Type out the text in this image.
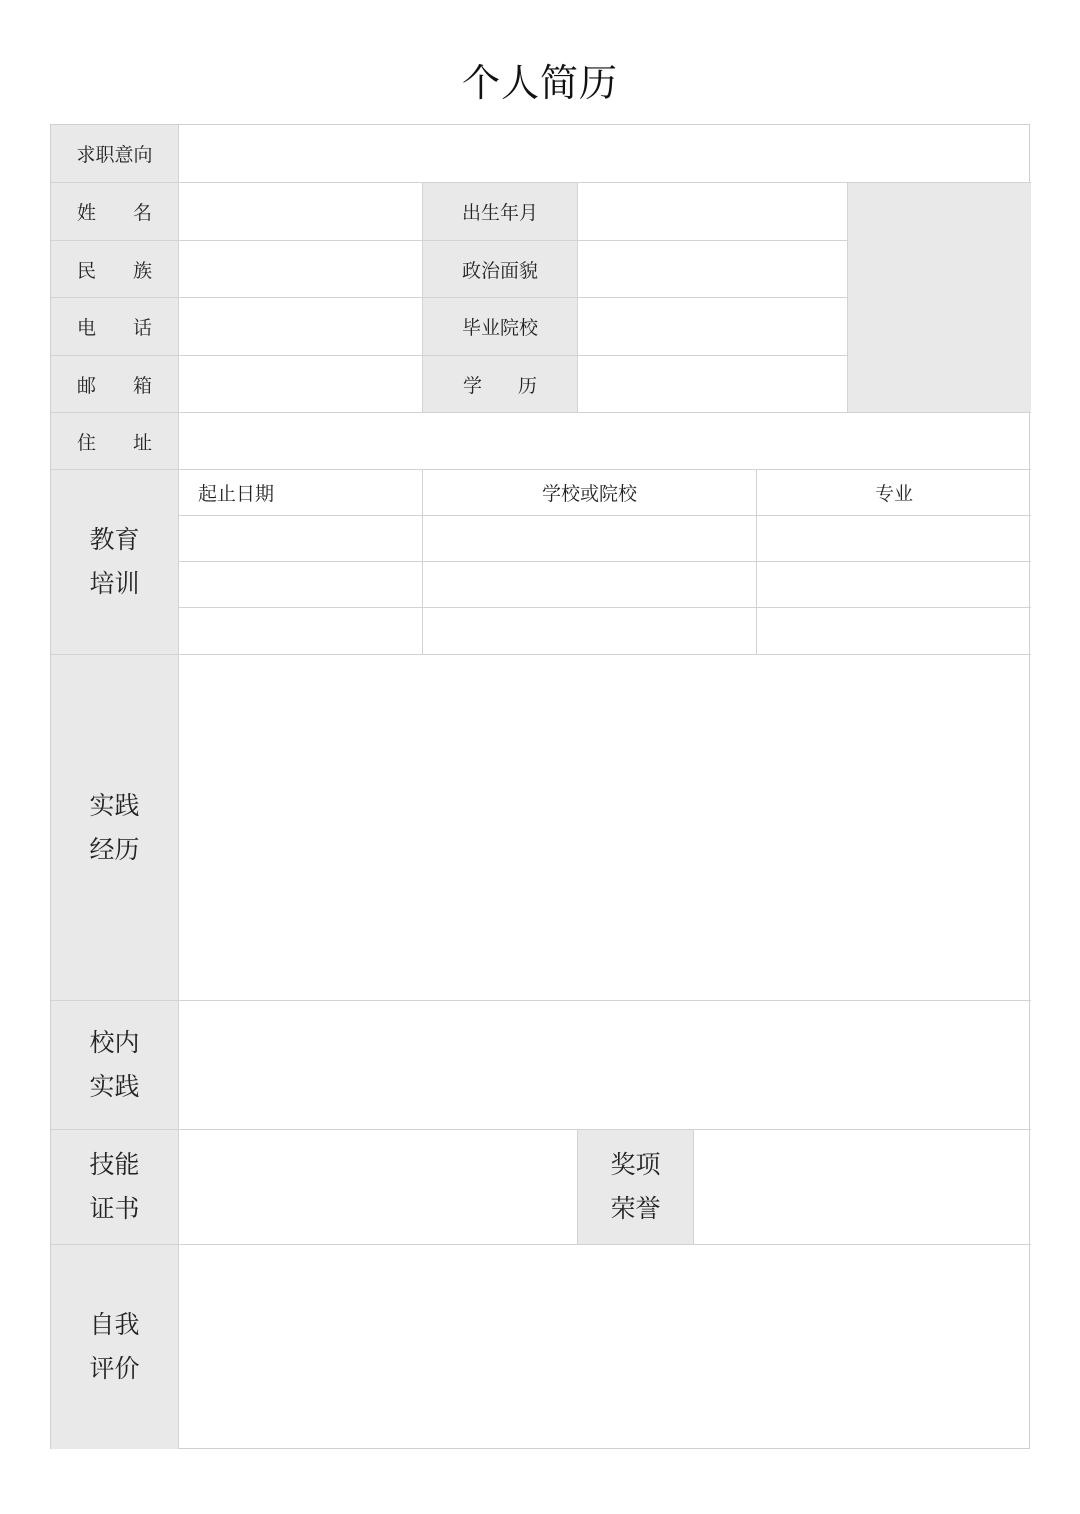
个人简历
求职意向
姓 名	出生年月
民 族	政治面貌
电 话	毕业院校
邮 箱	学 历
住 址
教育
培训
起止日期	学校或院校	专业
实践
经历
校内
实践
技能
证书
奖项
荣誉
自我
评价
